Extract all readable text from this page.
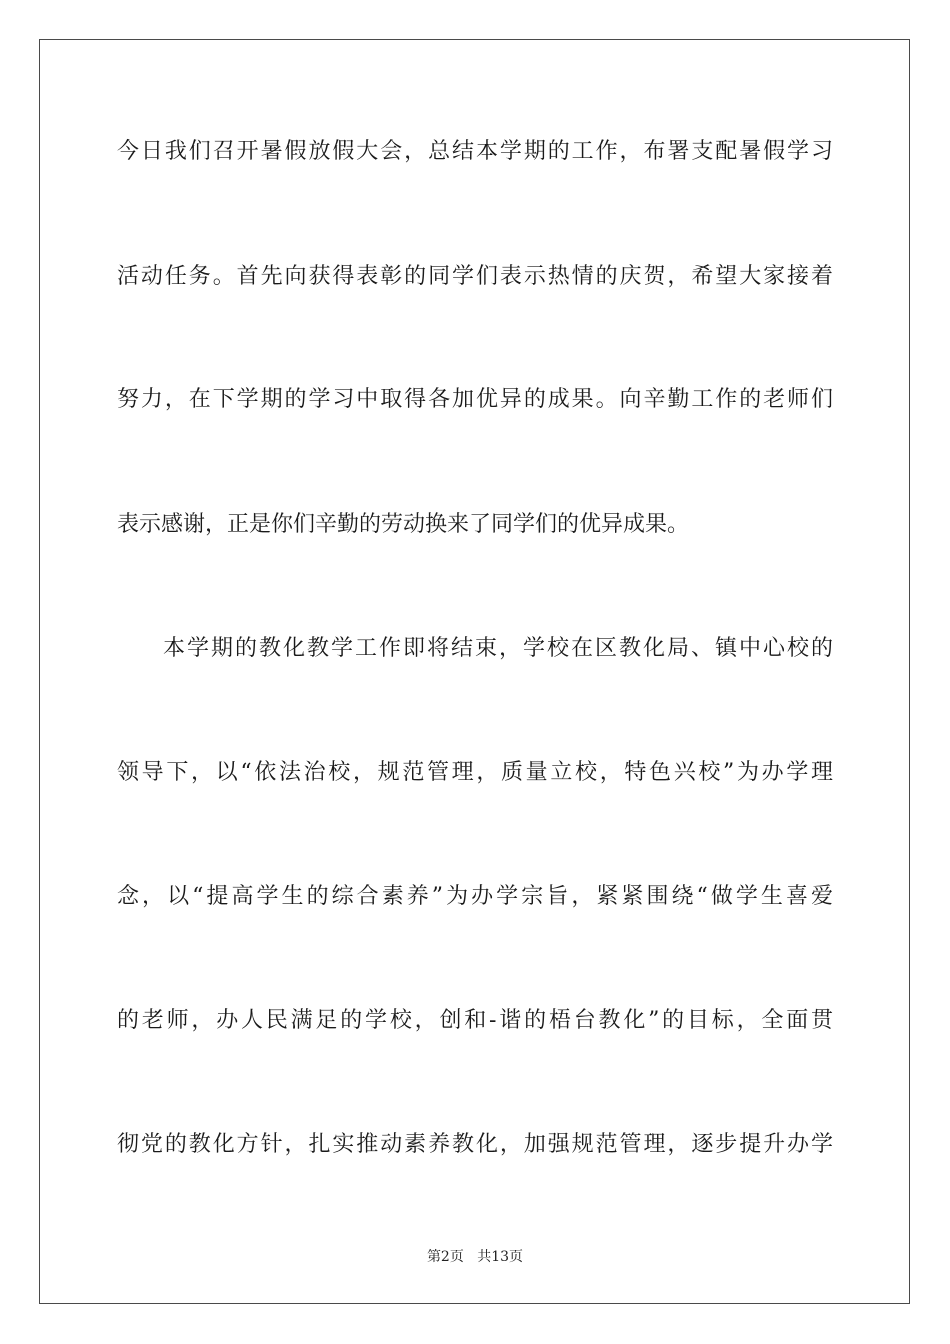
今日我们召开暑假放假大会，总结本学期的工作，布署支配暑假学习
活动任务。首先向获得表彰的同学们表示热情的庆贺，希望大家接着
努力，在下学期的学习中取得各加优异的成果。向辛勤工作的老师们
表示感谢，正是你们辛勤的劳动换来了同学们的优异成果。
本学期的教化教学工作即将结束，学校在区教化局、镇中心校的
领导下，以“依法治校，规范管理，质量立校，特色兴校”为办学理
念，以“提高学生的综合素养”为办学宗旨，紧紧围绕“做学生喜爱
的老师，办人民满足的学校，创和-谐的梧台教化”的目标，全面贯
彻党的教化方针，扎实推动素养教化，加强规范管理，逐步提升办学
第2页 共13页
